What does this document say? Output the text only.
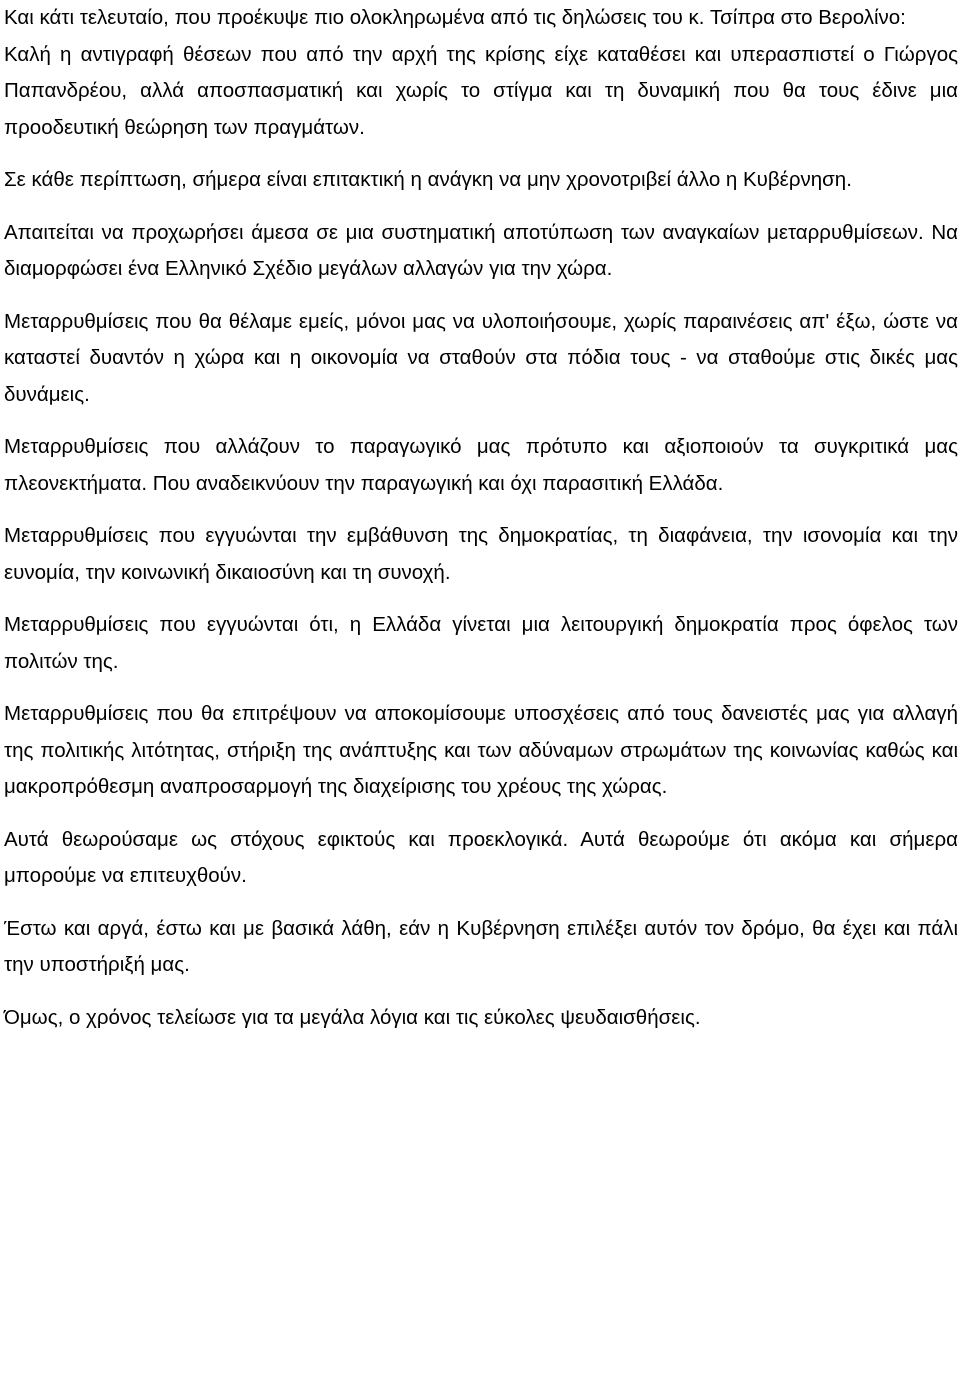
Και κάτι τελευταίο, που προέκυψε πιο ολοκληρωμένα από τις δηλώσεις του κ. Τσίπρα στο Βερολίνο:

Καλή η αντιγραφή θέσεων που από την αρχή της κρίσης είχε καταθέσει και υπερασπιστεί ο Γιώργος Παπανδρέου, αλλά αποσπασματική και χωρίς το στίγμα και τη δυναμική που θα τους έδινε μια προοδευτική θεώρηση των πραγμάτων.

Σε κάθε περίπτωση, σήμερα είναι επιτακτική η ανάγκη να μην χρονοτριβεί άλλο η Κυβέρνηση.

Απαιτείται να προχωρήσει άμεσα σε μια συστηματική αποτύπωση των αναγκαίων μεταρρυθμίσεων. Να διαμορφώσει ένα Ελληνικό Σχέδιο μεγάλων αλλαγών για την χώρα.

Μεταρρυθμίσεις που θα θέλαμε εμείς, μόνοι μας να υλοποιήσουμε, χωρίς παραινέσεις απ' έξω, ώστε να καταστεί δυαντόν η χώρα και η οικονομία να σταθούν στα πόδια τους - να σταθούμε στις δικές μας δυνάμεις.

Μεταρρυθμίσεις που αλλάζουν το παραγωγικό μας πρότυπο και αξιοποιούν τα συγκριτικά μας πλεονεκτήματα. Που αναδεικνύουν την παραγωγική και όχι παρασιτική Ελλάδα.

Μεταρρυθμίσεις που εγγυώνται την εμβάθυνση της δημοκρατίας, τη διαφάνεια, την ισονομία και την ευνομία, την κοινωνική δικαιοσύνη και τη συνοχή.

Μεταρρυθμίσεις που εγγυώνται ότι, η Ελλάδα γίνεται μια λειτουργική δημοκρατία προς όφελος των πολιτών της.

Μεταρρυθμίσεις που θα επιτρέψουν να αποκομίσουμε υποσχέσεις από τους δανειστές μας για αλλαγή της πολιτικής λιτότητας, στήριξη της ανάπτυξης και των αδύναμων στρωμάτων της κοινωνίας καθώς και μακροπρόθεσμη αναπροσαρμογή της διαχείρισης του χρέους της χώρας.

Αυτά θεωρούσαμε ως στόχους εφικτούς και προεκλογικά. Αυτά θεωρούμε ότι ακόμα και σήμερα μπορούμε να επιτευχθούν.

Έστω και αργά, έστω και με βασικά λάθη, εάν η Κυβέρνηση επιλέξει αυτόν τον δρόμο, θα έχει και πάλι την υποστήριξή μας.

Όμως, ο χρόνος τελείωσε για τα μεγάλα λόγια και τις εύκολες ψευδαισθήσεις.
